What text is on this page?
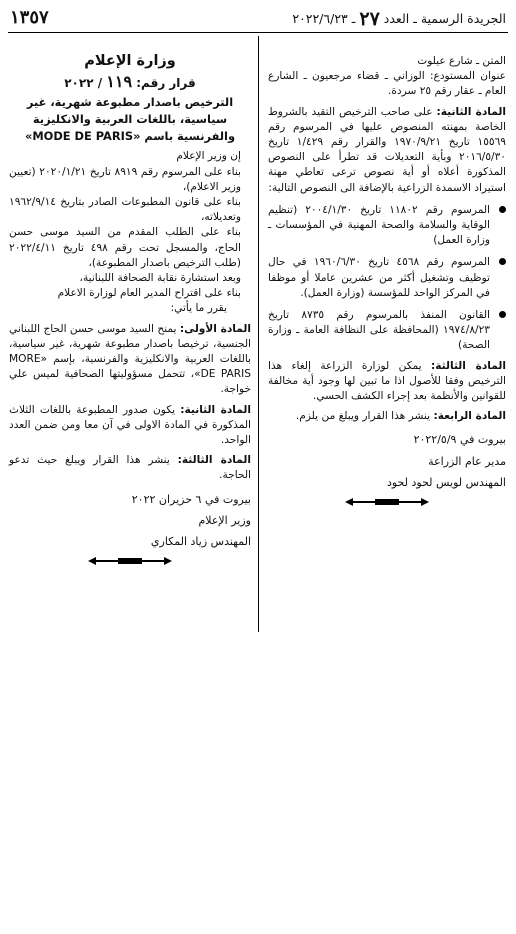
الجريدة الرسمية ـ العدد ٢٧ ـ ٢٠٢٢/٦/٢٣
١٣٥٧

المتن ـ شارع عيلوت

عنوان المستودع: الوزاني ـ قضاء مرجعيون ـ الشارع العام ـ عقار رقم ٢٥ سردة.

المادة الثانية: على صاحب الترخيص التقيد بالشروط الخاصة بمهنته المنصوص عليها في المرسوم رقم ١٥٥٦٩ تاريخ ١٩٧٠/٩/٢١ والقرار رقم ١/٤٢٩ تاريخ ٢٠١٦/٥/٣٠ وبأية التعديلات قد تطرأ على النصوص المذكورة أعلاه أو أية نصوص ترعى تعاطي مهنة استيراد الاسمدة الزراعية بالإضافة الى النصوص التالية:

المرسوم رقم ١١٨٠٢ تاريخ ٢٠٠٤/١/٣٠ (تنظيم الوقاية والسلامة والصحة المهنية في المؤسسات ـ وزارة العمل)
المرسوم رقم ٤٥٦٨ تاريخ ١٩٦٠/٦/٣٠ في حال توظيف وتشغيل أكثر من عشرين عاملا أو موظفا في المركز الواحد للمؤسسة (وزارة العمل).
القانون المنفذ بالمرسوم رقم ٨٧٣٥ تاريخ ١٩٧٤/٨/٢٣ (المحافظة على النظافة العامة ـ وزارة الصحة)

المادة الثالثة: يمكن لوزارة الزراعة إلغاء هذا الترخيص وفقا للأصول اذا ما تبين لها وجود أية مخالفة للقوانين والأنظمة بعد إجراء الكشف الحسي.

المادة الرابعة: ينشر هذا القرار ويبلغ من يلزم.

بيروت في ٢٠٢٢/٥/٩

مدير عام الزراعة

المهندس لويس لحود لحود

وزارة الإعلام
قرار رقم: ١١٩ / ٢٠٢٢
الترخيص باصدار مطبوعة شهرية، غير سياسية، باللغات العربية والانكليزية والفرنسية باسم «MODE DE PARIS»

إن وزير الإعلام

بناء على المرسوم رقم ٨٩١٩ تاريخ ٢٠٢٠/١/٢١ (تعيين وزير الاعلام)،

بناء على قانون المطبوعات الصادر بتاريخ ١٩٦٢/٩/١٤ وتعديلاته،

بناء على الطلب المقدم من السيد موسى حسن الحاج، والمسجل تحت رقم ٤٩٨ تاريخ ٢٠٢٢/٤/١١ (طلب الترخيص باصدار المطبوعة)،

وبعد استشارة نقابة الصحافة اللبنانية،

بناء على اقتراح المدير العام لوزارة الاعلام

يقرر ما يأتي:

المادة الأولى: يمنح السيد موسى حسن الحاج اللبناني الجنسية، ترخيصا باصدار مطبوعة شهرية، غير سياسية، باللغات العربية والانكليزية والفرنسية، بإسم «MORE DE PARIS»، تتحمل مسؤوليتها الصحافية لميس علي خواجة.

المادة الثانية: يكون صدور المطبوعة باللغات الثلاث المذكورة في المادة الاولى في آن معا ومن ضمن العدد الواحد.

المادة الثالثة: ينشر هذا القرار ويبلغ حيث تدعو الحاجة.

بيروت في ٦ حزيران ٢٠٢٢

وزير الإعلام

المهندس زياد المكاري
